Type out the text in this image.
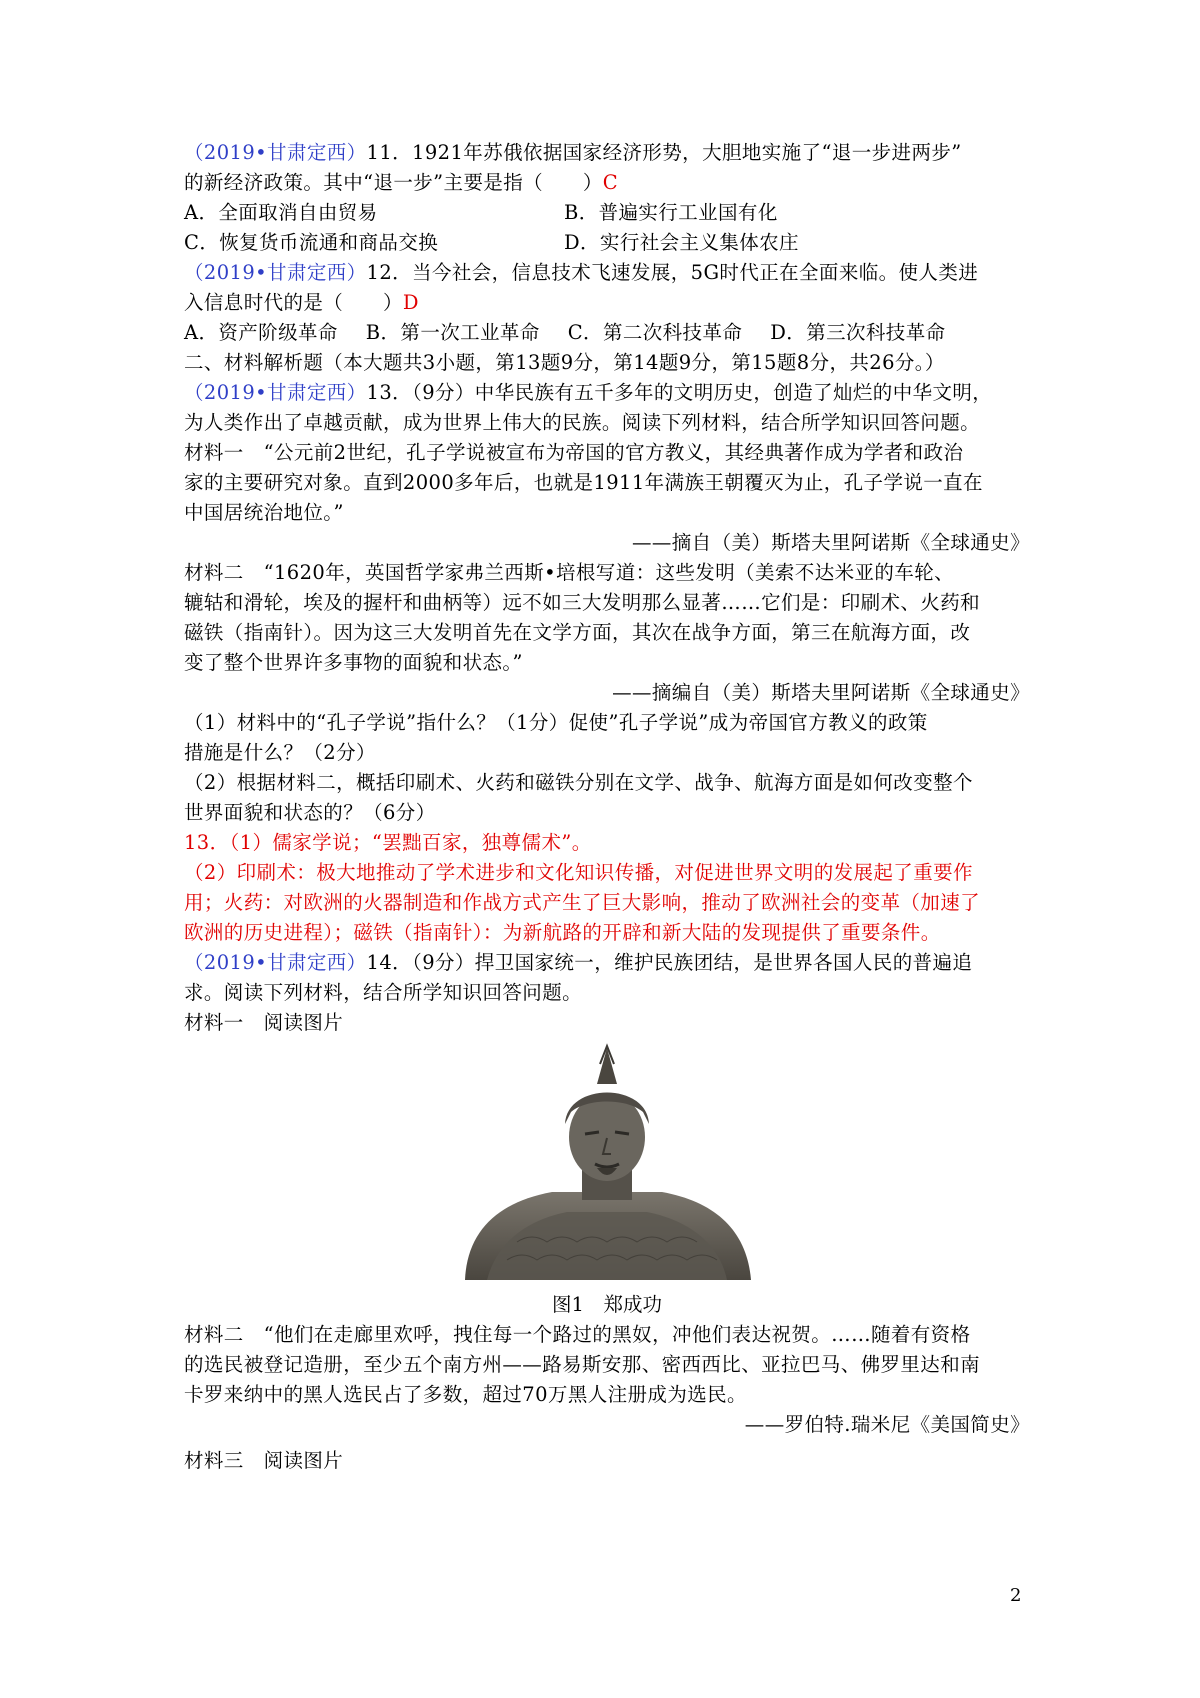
（2019•甘肃定西）11．1921年苏俄依据国家经济形势，大胆地实施了“退一步进两步”
的新经济政策。其中“退一步”主要是指（　　）C
A．全面取消自由贸易	B．普遍实行工业国有化
C．恢复货币流通和商品交换	D．实行社会主义集体农庄
（2019•甘肃定西）12．当今社会，信息技术飞速发展，5G时代正在全面来临。使人类进
入信息时代的是（　　）D
A．资产阶级革命 B．第一次工业革命 C．第二次科技革命 D．第三次科技革命
二、材料解析题（本大题共3小题，第13题9分，第14题9分，第15题8分，共26分。）
（2019•甘肃定西）13．（9分）中华民族有五千多年的文明历史，创造了灿烂的中华文明，
为人类作出了卓越贡献，成为世界上伟大的民族。阅读下列材料，结合所学知识回答问题。
材料一　“公元前2世纪，孔子学说被宣布为帝国的官方教义，其经典著作成为学者和政治
家的主要研究对象。直到2000多年后，也就是1911年满族王朝覆灭为止，孔子学说一直在
中国居统治地位。”
——摘自（美）斯塔夫里阿诺斯《全球通史》
材料二　“1620年，英国哲学家弗兰西斯•培根写道：这些发明（美索不达米亚的车轮、
辘轱和滑轮，埃及的握杆和曲柄等）远不如三大发明那么显著……它们是：印刷术、火药和
磁铁（指南针）。因为这三大发明首先在文学方面，其次在战争方面，第三在航海方面，改
变了整个世界许多事物的面貌和状态。”
——摘编自（美）斯塔夫里阿诺斯《全球通史》
（1）材料中的“孔子学说”指什么？（1分）促使”孔子学说”成为帝国官方教义的政策
措施是什么？（2分）
（2）根据材料二，概括印刷术、火药和磁铁分别在文学、战争、航海方面是如何改变整个
世界面貌和状态的？（6分）
13．（1）儒家学说；“罢黜百家，独尊儒术”。
（2）印刷术：极大地推动了学术进步和文化知识传播，对促进世界文明的发展起了重要作
用；火药：对欧洲的火器制造和作战方式产生了巨大影响，推动了欧洲社会的变革（加速了
欧洲的历史进程）；磁铁（指南针）：为新航路的开辟和新大陆的发现提供了重要条件。
（2019•甘肃定西）14．（9分）捍卫国家统一，维护民族团结，是世界各国人民的普遍追
求。阅读下列材料，结合所学知识回答问题。
材料一　阅读图片
图1　郑成功
材料二　“他们在走廊里欢呼，拽住每一个路过的黑奴，冲他们表达祝贺。……随着有资格
的选民被登记造册，至少五个南方州——路易斯安那、密西西比、亚拉巴马、佛罗里达和南
卡罗来纳中的黑人选民占了多数，超过70万黑人注册成为选民。
——罗伯特.瑞米尼《美国简史》
材料三　阅读图片
2
